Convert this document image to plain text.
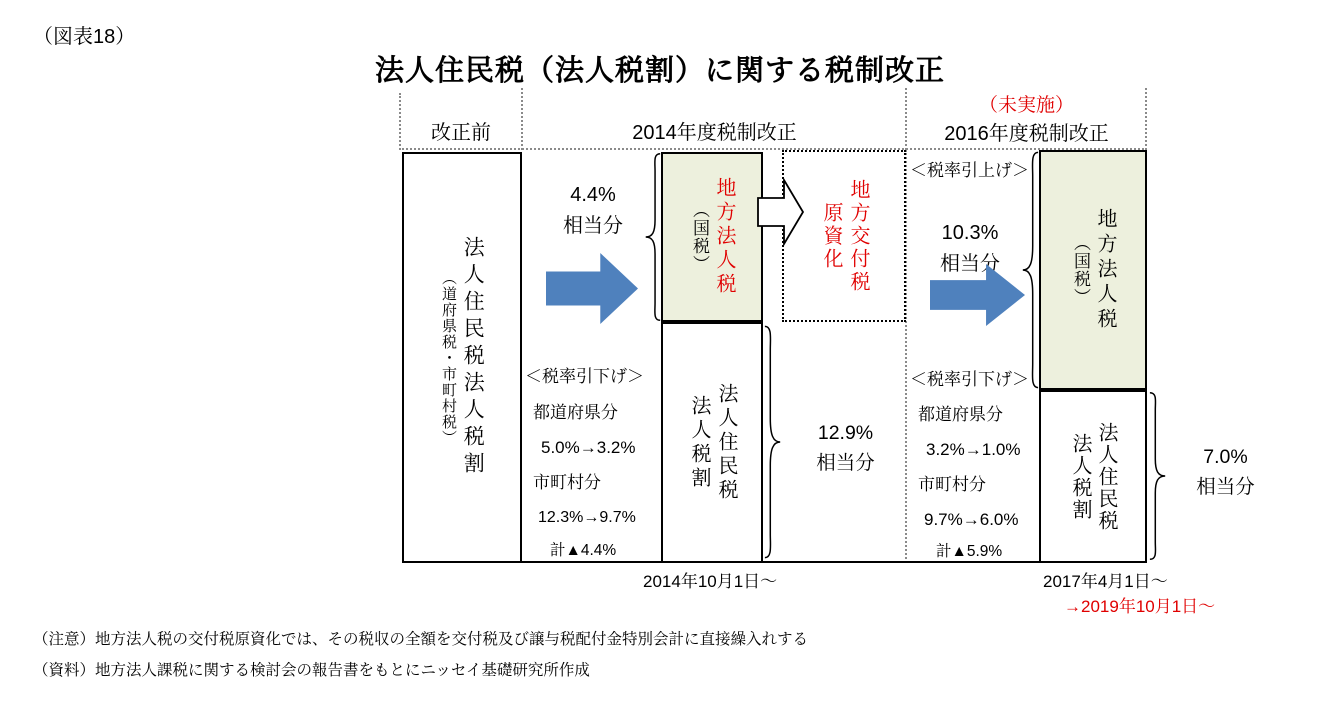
（図表18）
法人住民税（法人税割）に関する税制改正
改正前	2014年度税制改正
（未実施）
2016年度税制改正
法人住民税法人税割
（道府県税・市町村税）
4.4%
相当分
＜税率引下げ＞
都道府県分
5.0%→3.2%
市町村分
12.3%→9.7%
計▲4.4%
地方法人税
（国税）	地方交付税
原資化
法人住民税
法人税割	12.9%
相当分
＜税率引上げ＞
10.3%
相当分
＜税率引下げ＞
都道府県分
3.2%→1.0%
市町村分
9.7%→6.0%
計▲5.9%
地方法人税
（国税）
法人住民税
法人税割	7.0%
相当分
2014年10月1日～	2017年4月1日～
→2019年10月1日～
（注意）地方法人税の交付税原資化では、その税収の全額を交付税及び譲与税配付金特別会計に直接繰入れする
（資料）地方法人課税に関する検討会の報告書をもとにニッセイ基礎研究所作成
